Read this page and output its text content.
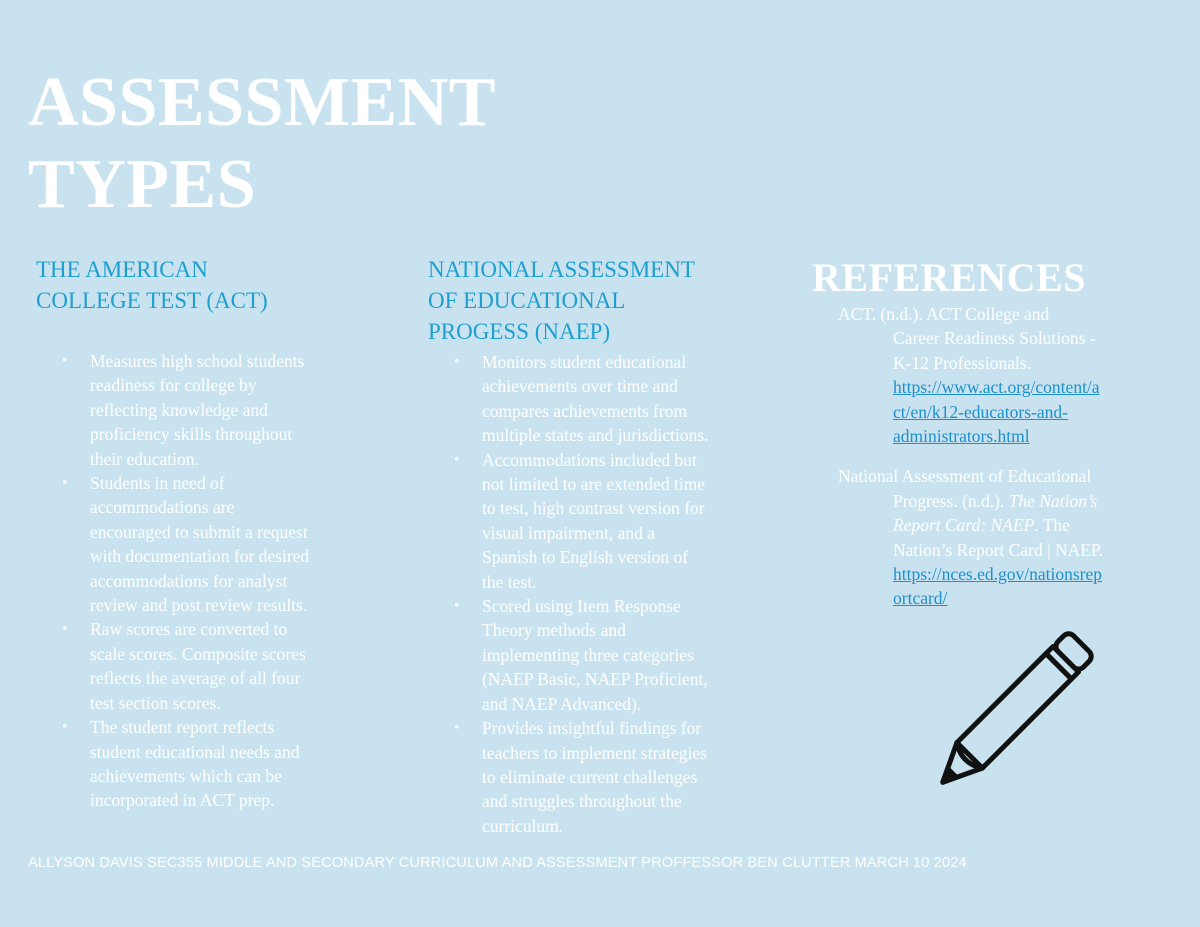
ASSESSMENT
TYPES
THE AMERICAN
COLLEGE TEST (ACT)
• Measures high school students
readiness for college by
reflecting knowledge and
proficiency skills throughout
their education.
• Students in need of
accommodations are
encouraged to submit a request
with documentation for desired
accommodations for analyst
review and post review results.
• Raw scores are converted to
scale scores. Composite scores
reflects the average of all four
test section scores.
• The student report reflects
student educational needs and
achievements which can be
incorporated in ACT prep.
NATIONAL ASSESSMENT
OF EDUCATIONAL
PROGESS (NAEP)
• Monitors student educational
achievements over time and
compares achievements from
multiple states and jurisdictions.
• Accommodations included but
not limited to are extended time
to test, high contrast version for
visual impairment, and a
Spanish to English version of
the test.
• Scored using Item Response
Theory methods and
implementing three categories
(NAEP Basic, NAEP Proficient,
and NAEP Advanced).
• Provides insightful findings for
teachers to implement strategies
to eliminate current challenges
and struggles throughout the
curriculum.
REFERENCES

ACT. (n.d.). ACT College and
Career Readiness Solutions -
K-12 Professionals.
https://www.act.org/content/a
ct/en/k12-educators-and-
administrators.html

National Assessment of Educational
Progress. (n.d.). The Nation’s
Report Card: NAEP. The
Nation’s Report Card | NAEP.
https://nces.ed.gov/nationsrep
ortcard/

ALLYSON DAVIS SEC355 MIDDLE AND SECONDARY CURRICULUM AND ASSESSMENT PROFFESSOR BEN CLUTTER MARCH 10 2024
